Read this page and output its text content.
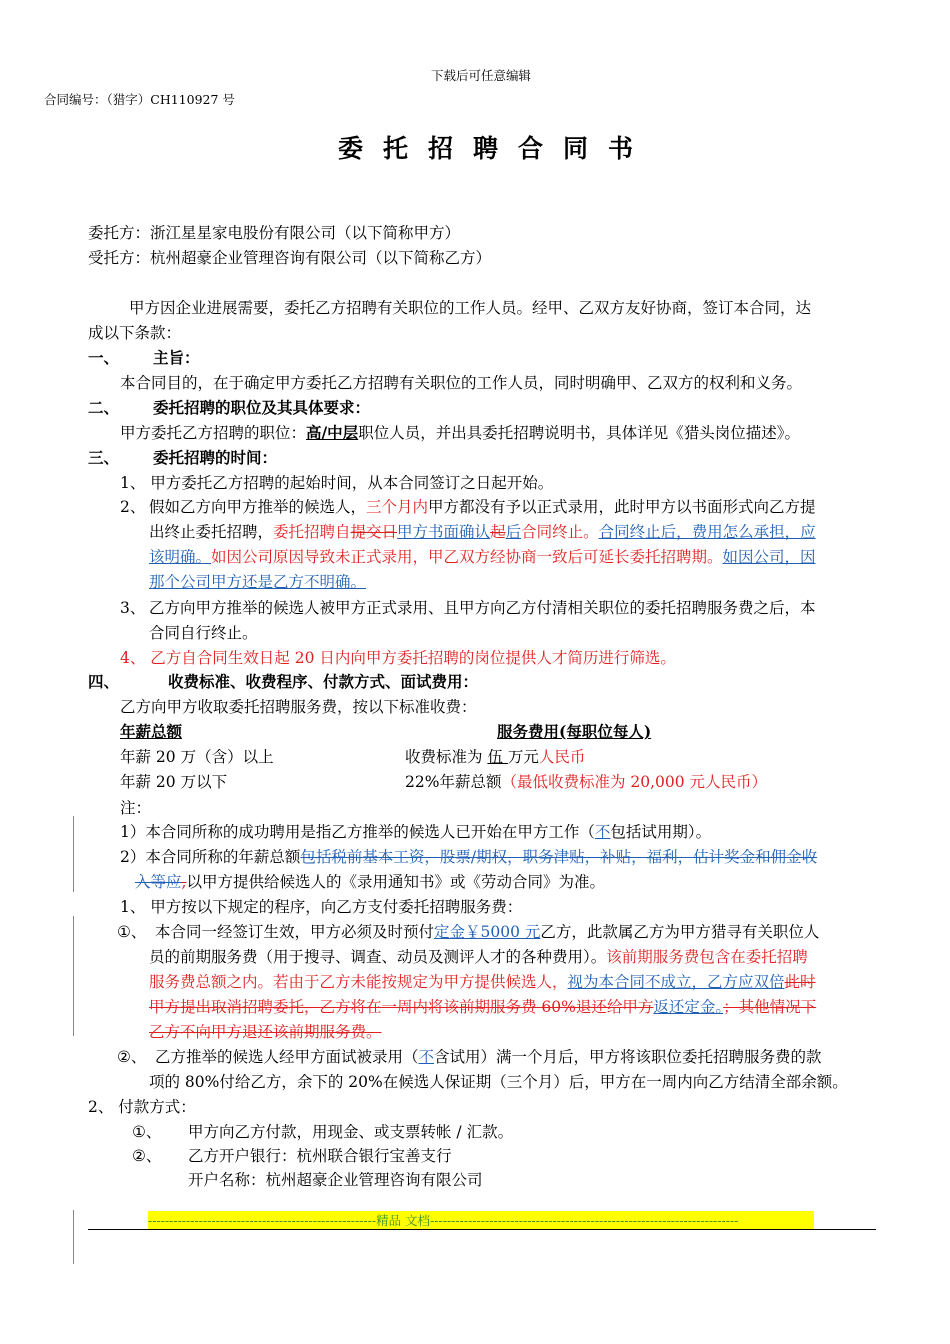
下载后可任意编辑
合同编号：（猎字）CH110927 号
委托招聘合同书
委托方：浙江星星家电股份有限公司（以下简称甲方）
受托方：杭州超豪企业管理咨询有限公司（以下简称乙方）
甲方因企业进展需要，委托乙方招聘有关职位的工作人员。经甲、乙双方友好协商，签订本合同，达
成以下条款：
一、 主旨：
本合同目的，在于确定甲方委托乙方招聘有关职位的工作人员，同时明确甲、乙双方的权利和义务。
二、 委托招聘的职位及其具体要求：
甲方委托乙方招聘的职位：高/中层职位人员，并出具委托招聘说明书，具体详见《猎头岗位描述》。
三、 委托招聘的时间：
1、 甲方委托乙方招聘的起始时间，从本合同签订之日起开始。
2、 假如乙方向甲方推举的候选人，三个月内甲方都没有予以正式录用，此时甲方以书面形式向乙方提
出终止委托招聘，委托招聘自提交日甲方书面确认起后合同终止。合同终止后，费用怎么承担，应
该明确。如因公司原因导致未正式录用，甲乙双方经协商一致后可延长委托招聘期。如因公司，因
那个公司甲方还是乙方不明确。
3、 乙方向甲方推举的候选人被甲方正式录用、且甲方向乙方付清相关职位的委托招聘服务费之后，本
合同自行终止。
4、 乙方自合同生效日起 20 日内向甲方委托招聘的岗位提供人才简历进行筛选。
四、	收费标准、收费程序、付款方式、面试费用：
乙方向甲方收取委托招聘服务费，按以下标准收费：
年薪总额	服务费用(每职位每人)
年薪 20 万（含）以上	收费标准为 伍 万元人民币
年薪 20 万以下	22%年薪总额（最低收费标准为 20,000 元人民币）
注：
1）本合同所称的成功聘用是指乙方推举的候选人已开始在甲方工作（不包括试用期）。
2）本合同所称的年薪总额包括税前基本工资，股票/期权，职务津贴，补贴，福利，估计奖金和佣金收
入等应,以甲方提供给候选人的《录用通知书》或《劳动合同》为准。
1、 甲方按以下规定的程序，向乙方支付委托招聘服务费：
①、 本合同一经签订生效，甲方必须及时预付定金￥5000 元乙方，此款属乙方为甲方猎寻有关职位人
员的前期服务费（用于搜寻、调查、动员及测评人才的各种费用）。该前期服务费包含在委托招聘
服务费总额之内。若由于乙方未能按规定为甲方提供候选人，视为本合同不成立，乙方应双倍此时
甲方提出取消招聘委托，乙方将在一周内将该前期服务费 60%退还给甲方返还定金。；其他情况下
乙方不向甲方退还该前期服务费。
②、 乙方推举的候选人经甲方面试被录用（不含试用）满一个月后，甲方将该职位委托招聘服务费的款
项的 80%付给乙方，余下的 20%在候选人保证期（三个月）后，甲方在一周内向乙方结清全部余额。
2、 付款方式：
①、 甲方向乙方付款，用现金、或支票转帐 / 汇款。
②、 乙方开户银行：杭州联合银行宝善支行
开户名称：杭州超豪企业管理咨询有限公司
------------------------------------------------------精品 文档-------------------------------------------------------------------------
